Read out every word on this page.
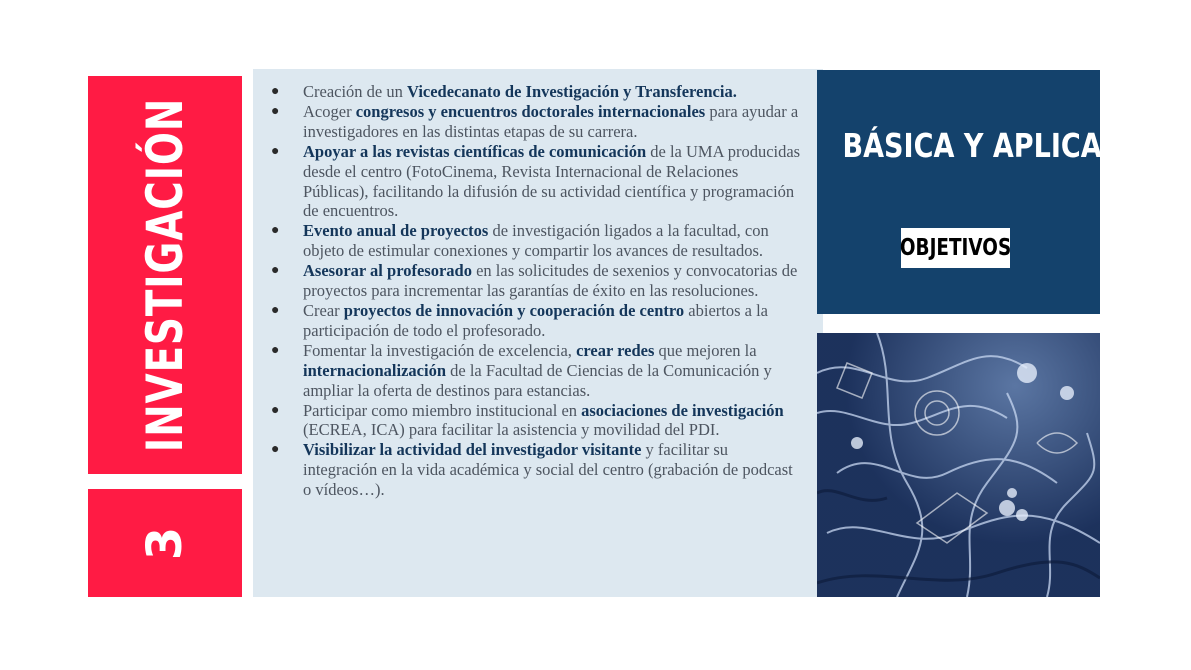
INVESTIGACIÓN
3
● Creación de un Vicedecanato de Investigación y Transferencia.
● Acoger congresos y encuentros doctorales internacionales para ayudar a investigadores en las distintas etapas de su carrera.
● Apoyar a las revistas científicas de comunicación de la UMA producidas desde el centro (FotoCinema, Revista Internacional de Relaciones Públicas), facilitando la difusión de su actividad científica y programación de encuentros.
● Evento anual de proyectos de investigación ligados a la facultad, con objeto de estimular conexiones y compartir los avances de resultados.
● Asesorar al profesorado en las solicitudes de sexenios y convocatorias de proyectos para incrementar las garantías de éxito en las resoluciones.
● Crear proyectos de innovación y cooperación de centro abiertos a la participación de todo el profesorado.
● Fomentar la investigación de excelencia, crear redes que mejoren la internacionalización de la Facultad de Ciencias de la Comunicación y ampliar la oferta de destinos para estancias.
● Participar como miembro institucional en asociaciones de investigación (ECREA, ICA) para facilitar la asistencia y movilidad del PDI.
● Visibilizar la actividad del investigador visitante y facilitar su integración en la vida académica y social del centro (grabación de podcast o vídeos…).
BÁSICA Y APLICADA
OBJETIVOS
